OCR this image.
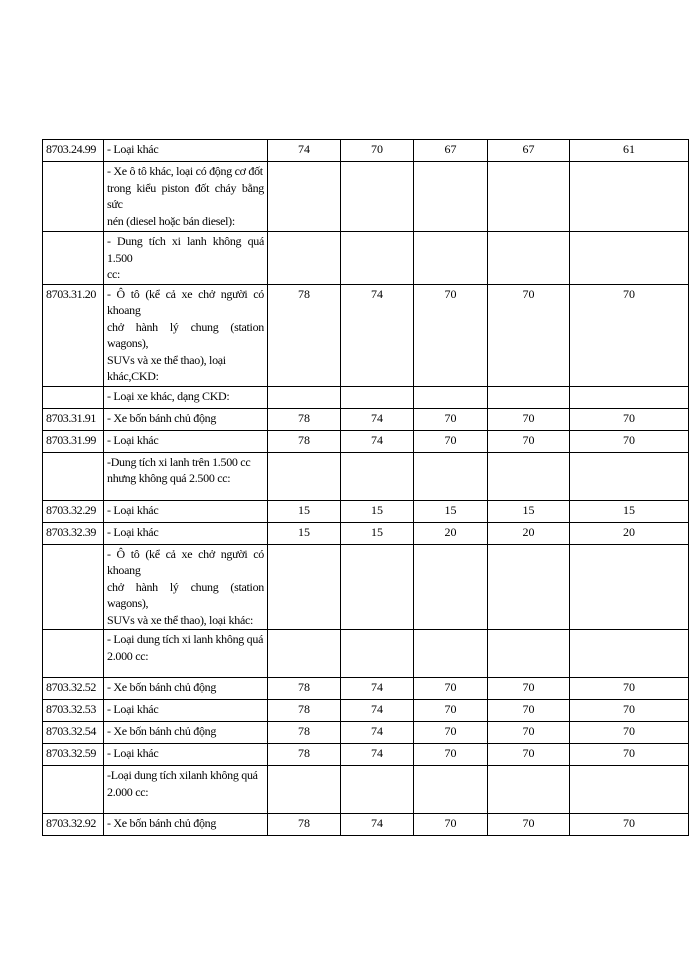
8703.24.99	- Loại khác	74	70	67	67	61

	- Xe ô tô khác, loại có động cơ đốt
trong kiểu piston đốt cháy bằng sức
nén (diesel hoặc bán diesel):					

	- Dung tích xi lanh không quá 1.500
cc:					

8703.31.20	- Ô tô (kể cả xe chở người có khoang
chở hành lý chung (station wagons),
SUVs và xe thể thao), loại
khác,CKD:	78	74	70	70	70

	- Loại xe khác, dạng CKD:					

8703.31.91	- Xe bốn bánh chủ động	78	74	70	70	70
8703.31.99	- Loại khác	78	74	70	70	70

	-Dung tích xi lanh trên 1.500 cc
nhưng không quá 2.500 cc:					

8703.32.29	- Loại khác	15	15	15	15	15
8703.32.39	- Loại khác	15	15	20	20	20

	- Ô tô (kể cả xe chở người có khoang
chở hành lý chung (station wagons),
SUVs và xe thể thao), loại khác:					

	- Loại dung tích xi lanh không quá
2.000 cc:					

8703.32.52	- Xe bốn bánh chủ động	78	74	70	70	70
8703.32.53	- Loại khác	78	74	70	70	70
8703.32.54	- Xe bốn bánh chủ động	78	74	70	70	70
8703.32.59	- Loại khác	78	74	70	70	70

	-Loại dung tích xilanh không quá
2.000 cc:					

8703.32.92	- Xe bốn bánh chủ động	78	74	70	70	70
